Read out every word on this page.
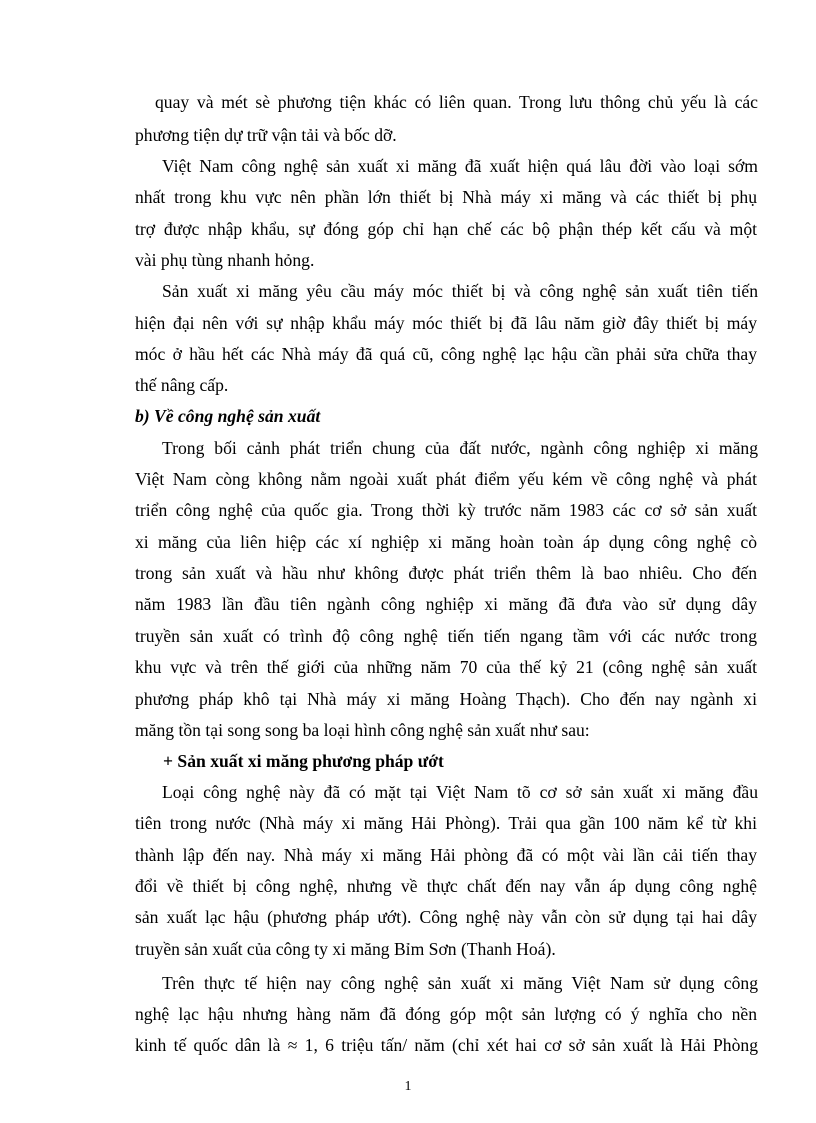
quay và mét sè phương tiện khác có liên quan. Trong lưu thông chủ yếu là các
phương tiện dự trữ vận tải và bốc dỡ.
Việt Nam công nghệ sản xuất xi măng đã xuất hiện quá lâu đời vào loại sớm
nhất trong khu vực nên phần lớn thiết bị Nhà máy xi măng và các thiết bị phụ
trợ được nhập khẩu, sự đóng góp chỉ hạn chế các bộ phận thép kết cấu và một
vài phụ tùng nhanh hỏng.
Sản xuất xi măng yêu cầu máy móc thiết bị và công nghệ sản xuất tiên tiến
hiện đại nên với sự nhập khẩu máy móc thiết bị đã lâu năm giờ đây thiết bị máy
móc ở hầu hết các Nhà máy đã quá cũ, công nghệ lạc hậu cần phải sửa chữa thay
thế nâng cấp.
b) Về công nghệ sản xuất
Trong bối cảnh phát triển chung của đất nước, ngành công nghiệp xi măng
Việt Nam còng không nằm ngoài xuất phát điểm yếu kém về công nghệ và phát
triển công nghệ của quốc gia. Trong thời kỳ trước năm 1983 các cơ sở sản xuất
xi măng của liên hiệp các xí nghiệp xi măng hoàn toàn áp dụng công nghệ cò
trong sản xuất và hầu như không được phát triển thêm là bao nhiêu. Cho đến
năm 1983 lần đầu tiên ngành công nghiệp xi măng đã đưa vào sử dụng dây
truyền sản xuất có trình độ công nghệ tiến tiến ngang tầm với các nước trong
khu vực và trên thế giới của những năm 70 của thế kỷ 21 (công nghệ sản xuất
phương pháp khô tại Nhà máy xi măng Hoàng Thạch). Cho đến nay ngành xi
măng tồn tại song song ba loại hình công nghệ sản xuất như sau:
+ Sản xuất xi măng phương pháp ướt
Loại công nghệ này đã có mặt tại Việt Nam tõ cơ sở sản xuất xi măng đầu
tiên trong nước (Nhà máy xi măng Hải Phòng). Trải qua gần 100 năm kể từ khi
thành lập đến nay. Nhà máy xi măng Hải phòng đã có một vài lần cải tiến thay
đổi về thiết bị công nghệ, nhưng về thực chất đến nay vẫn áp dụng công nghệ
sản xuất lạc hậu (phương pháp ướt). Công nghệ này vẫn còn sử dụng tại hai dây
truyền sản xuất của công ty xi măng Bỉm Sơn (Thanh Hoá).
Trên thực tế hiện nay công nghệ sản xuất xi măng Việt Nam sử dụng công
nghệ lạc hậu nhưng hàng năm đã đóng góp một sản lượng có ý nghĩa cho nền
kinh tế quốc dân là ≈ 1, 6 triệu tấn/ năm (chỉ xét hai cơ sở sản xuất là Hải Phòng
1
